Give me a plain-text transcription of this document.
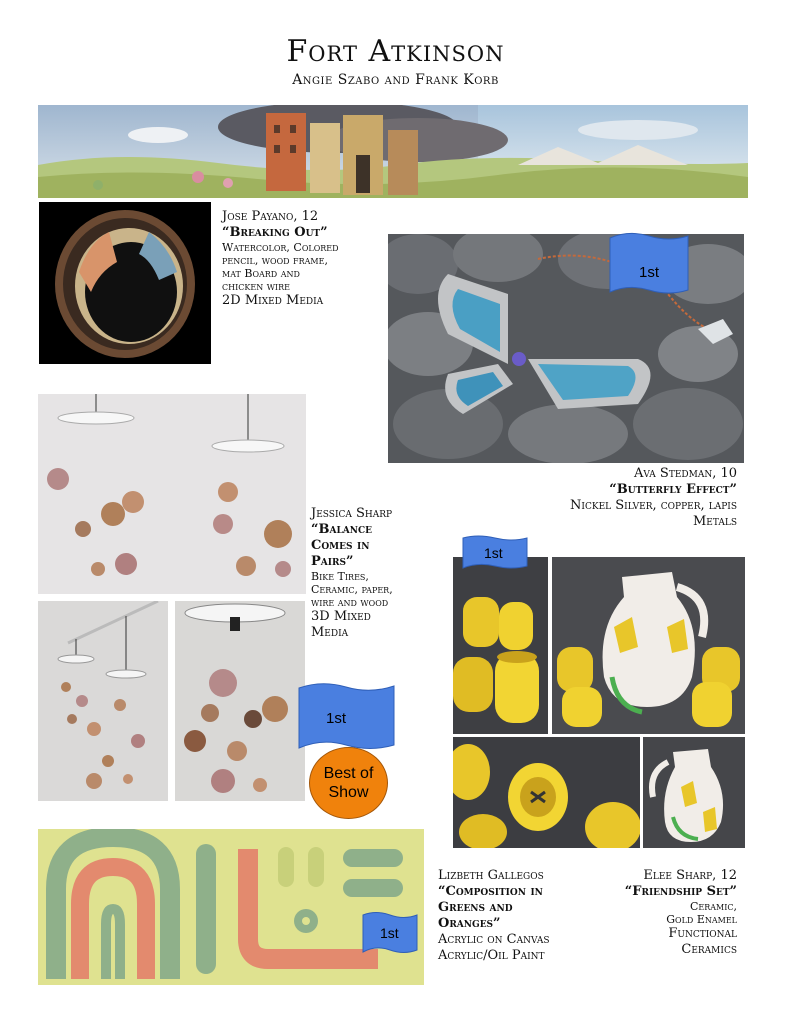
Fort Atkinson
Angie Szabo and Frank Korb
Jose Payano, 12
“Breaking Out”
Watercolor, Colored
pencil, wood frame,
mat Board and
chicken wire
2D Mixed Media
Ava Stedman, 10
“Butterfly Effect”
Nickel Silver, copper, lapis
Metals
Jessica Sharp
“Balance
Comes in
Pairs”
Bike Tires,
Ceramic, paper,
wire and wood
3D Mixed
Media
Lizbeth Gallegos
“Composition in
Greens and
Oranges”
Acrylic on Canvas
Acrylic/Oil Paint
Elee Sharp, 12
“Friendship Set”
Ceramic,
Gold Enamel
Functional
Ceramics
1st
1st
1st
1st
Best of
Show
